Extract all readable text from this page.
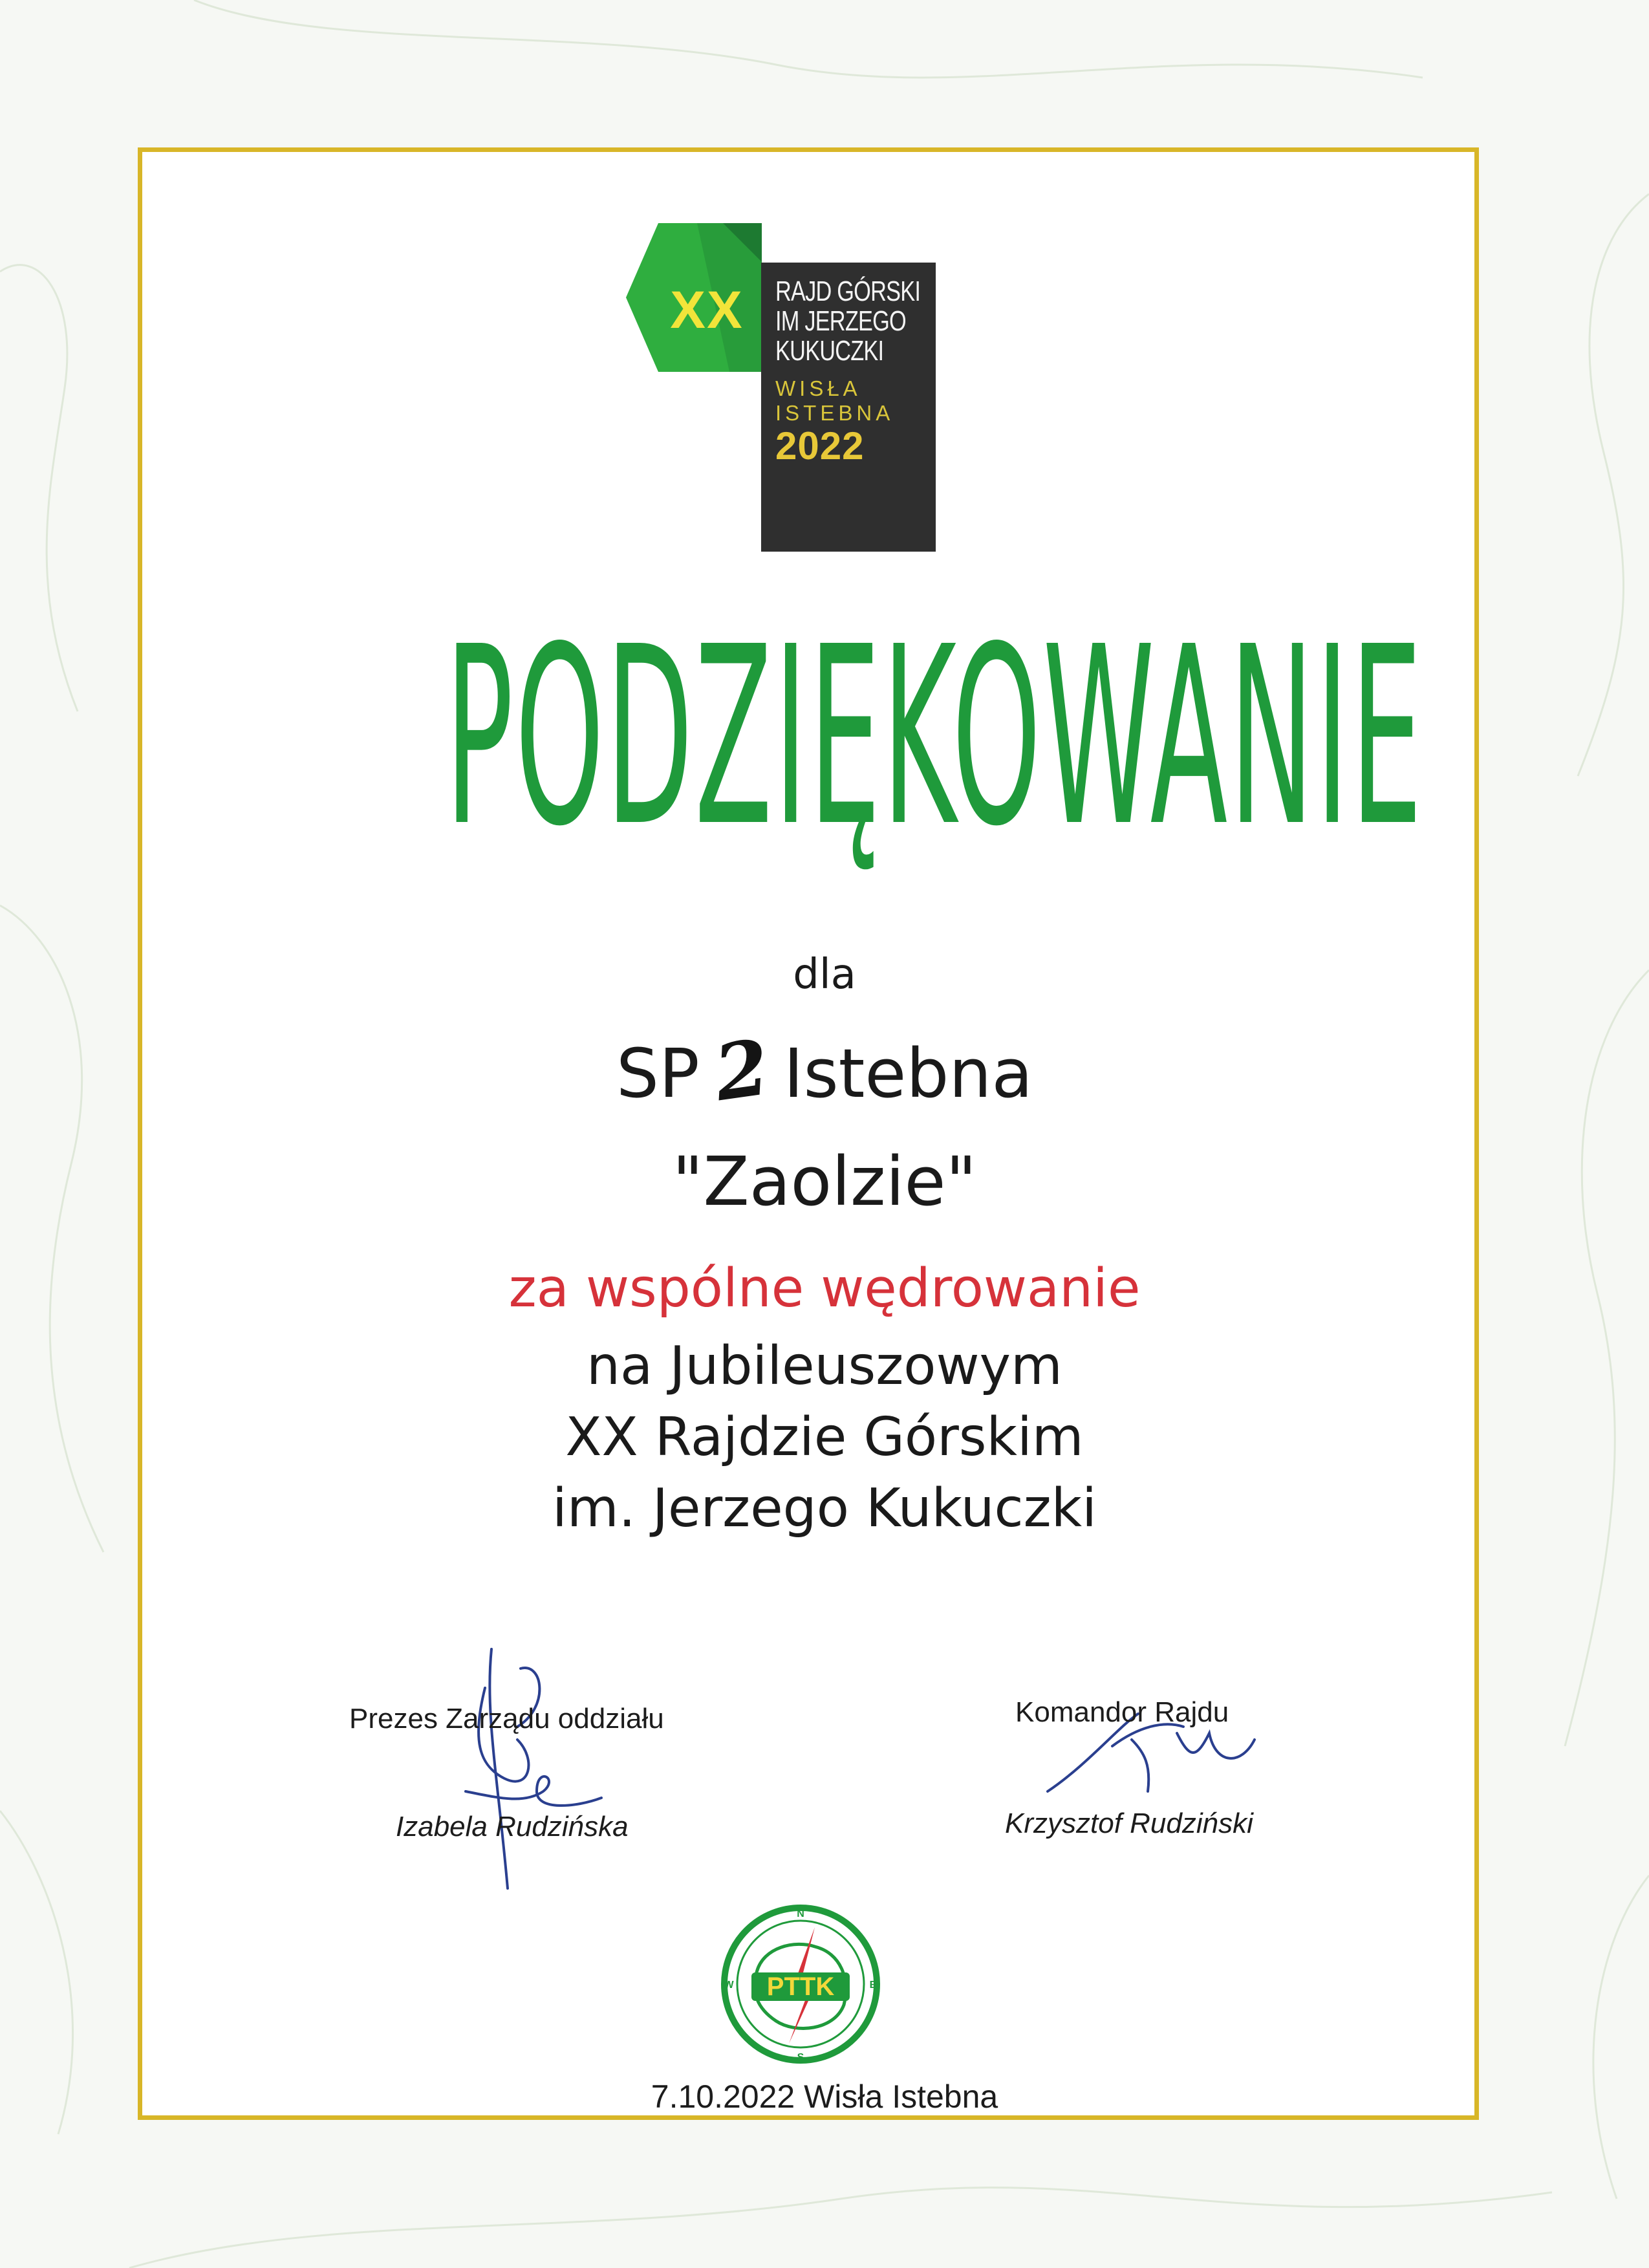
XX	RAJD GÓRSKI
IM JERZEGO
KUKUCZKI
WISŁA
ISTEBNA
2022
PODZIĘKOWANIE
dla
SP 2 Istebna
"Zaolzie"
za wspólne wędrowanie
na Jubileuszowym
XX Rajdzie Górskim
im. Jerzego Kukuczki
Prezes Zarządu oddziału
Izabela Rudzińska
Komandor Rajdu
Krzysztof Rudziński
PTTK
N
E
S
W
7.10.2022 Wisła Istebna
